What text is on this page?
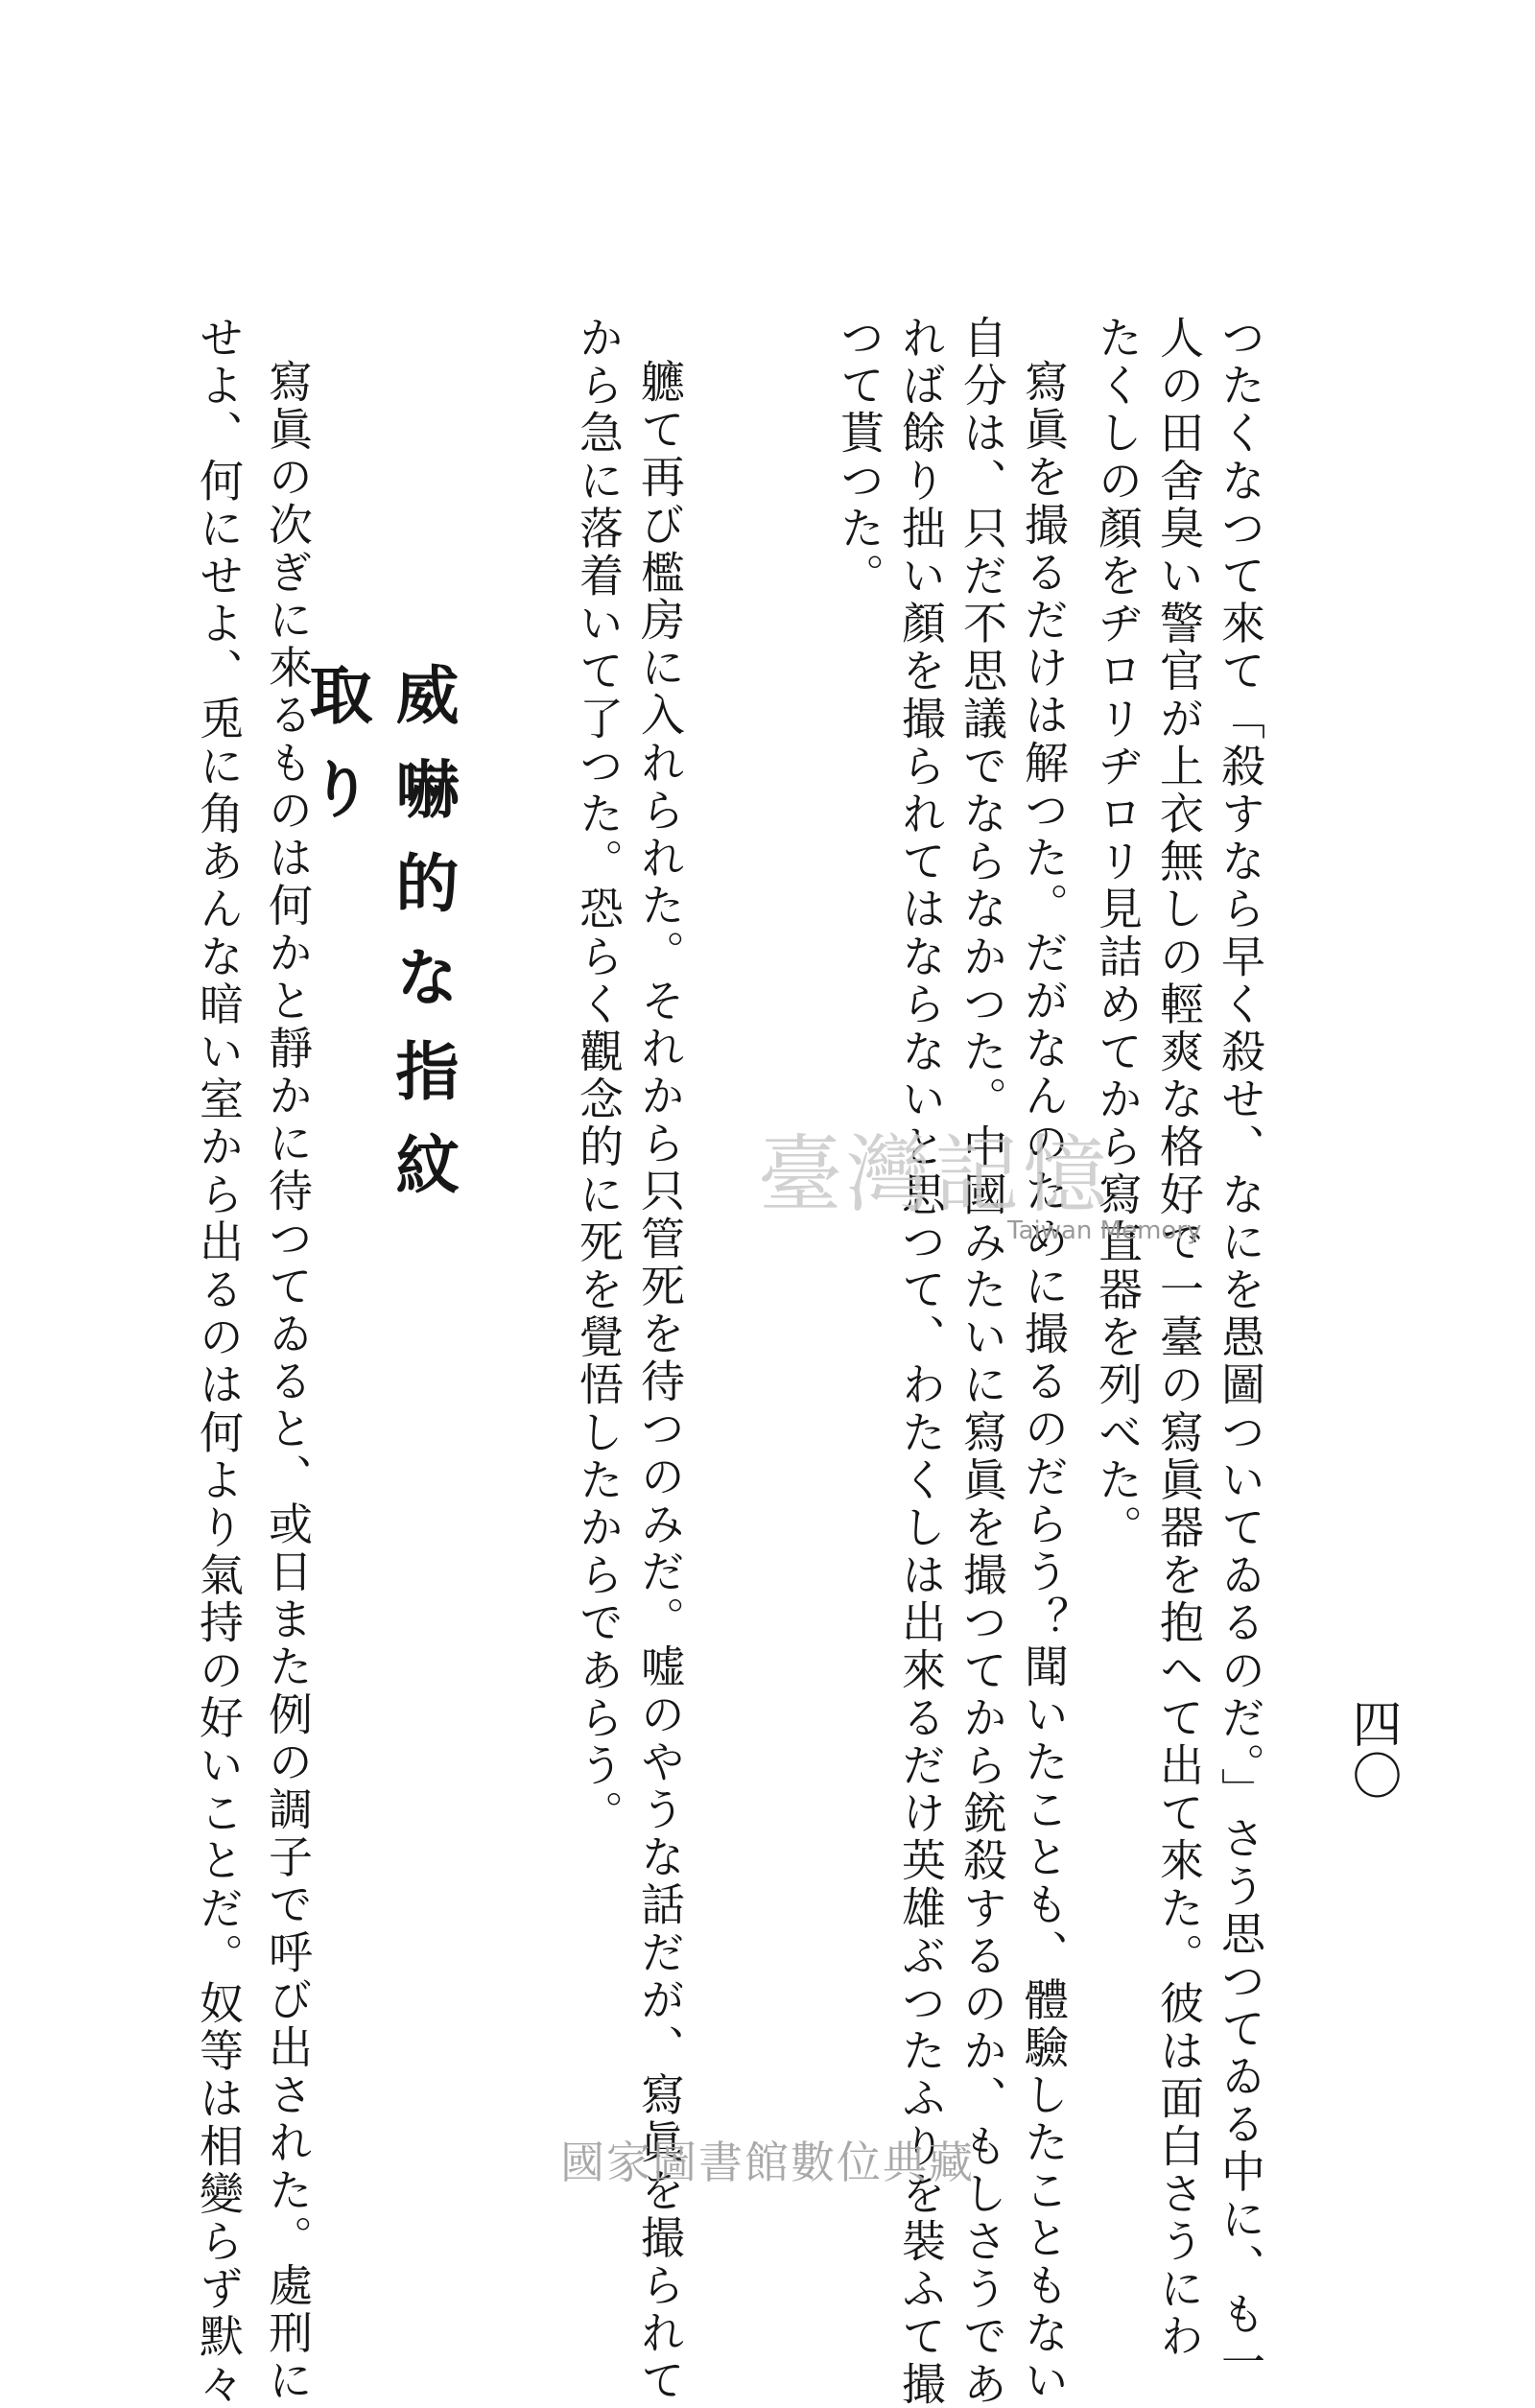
四〇
つたくなつて來て「殺すなら早く殺せ、なにを愚圖ついてゐるのだ。」さう思つてゐる中に、も一
人の田舍臭い警官が上衣無しの輕爽な格好で一臺の寫眞器を抱へて出て來た。彼は面白さうにわ
たくしの顏をヂロリヂロリ見詰めてから寫直器を列べた。
寫眞を撮るだけは解つた。だがなんのために撮るのだらう？聞いたことも、體驗したこともない
自分は、只だ不思議でならなかつた。中國みたいに寫眞を撮つてから銃殺するのか、もしさうであ
れば餘り拙い顏を撮られてはならないと思つて、わたくしは出來るだけ英雄ぶつたふりを裝ふて撮
つて貰つた。
軈て再び檻房に入れられた。それから只管死を待つのみだ。嘘のやうな話だが、寫眞を撮られて
から急に落着いて了つた。恐らく觀念的に死を覺悟したからであらう。
威嚇的な指紋取り
寫眞の次ぎに來るものは何かと靜かに待つてゐると、或日また例の調子で呼び出された。處刑に
せよ、何にせよ、兎に角あんな暗い室から出るのは何より氣持の好いことだ。奴等は相變らず默々	臺灣記憶
Taiwan Memory
國家圖書館數位典藏
